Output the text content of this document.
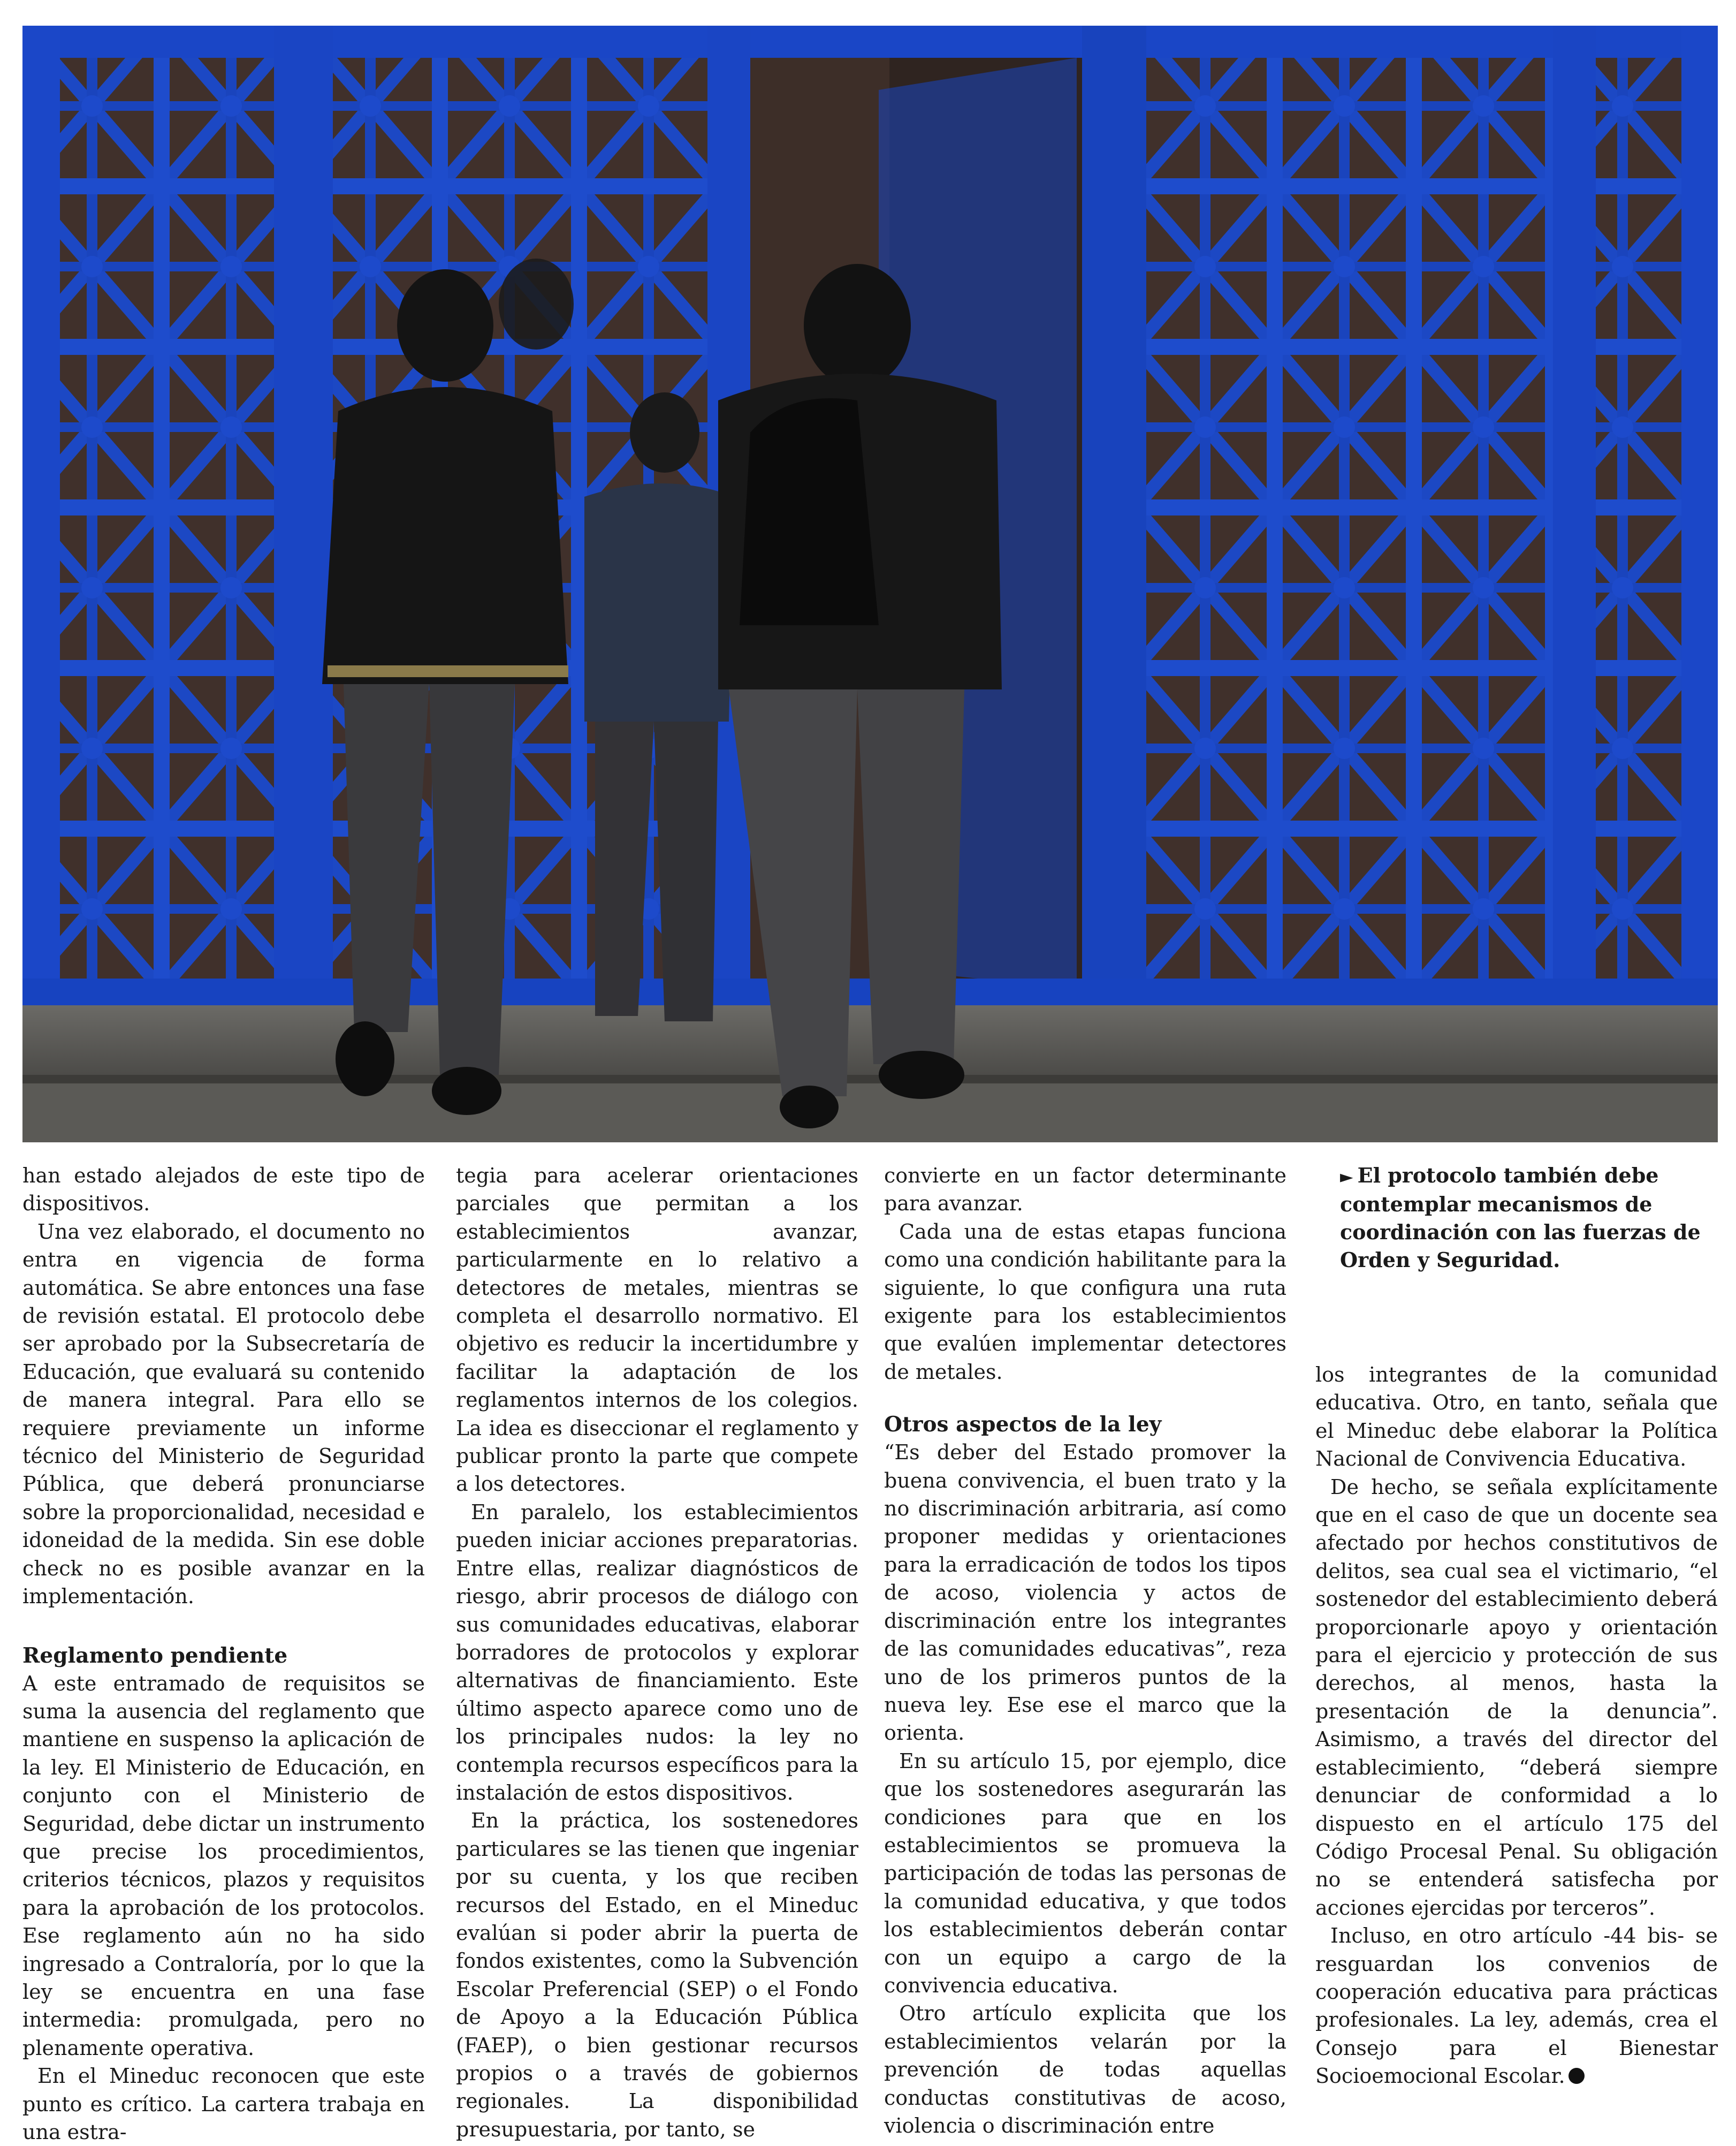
han estado alejados de este tipo de dispositivos.

Una vez elaborado, el documento no entra en vigencia de forma automática. Se abre entonces una fase de revisión estatal. El protocolo debe ser aprobado por la Subsecretaría de Educación, que evaluará su contenido de manera integral. Para ello se requiere previamente un informe técnico del Ministerio de Seguridad Pública, que deberá pronunciarse sobre la proporcionalidad, necesidad e idoneidad de la medida. Sin ese doble check no es posible avanzar en la implementación.

Reglamento pendiente

A este entramado de requisitos se suma la ausencia del reglamento que mantiene en suspenso la aplicación de la ley. El Ministerio de Educación, en conjunto con el Ministerio de Seguridad, debe dictar un instrumento que precise los procedimientos, criterios técnicos, plazos y requisitos para la aprobación de los protocolos. Ese reglamento aún no ha sido ingresado a Contraloría, por lo que la ley se encuentra en una fase intermedia: promulgada, pero no plenamente operativa.

En el Mineduc reconocen que este punto es crítico. La cartera trabaja en una estra-

tegia para acelerar orientaciones parciales que permitan a los establecimientos avanzar, particularmente en lo relativo a detectores de metales, mientras se completa el desarrollo normativo. El objetivo es reducir la incertidumbre y facilitar la adaptación de los reglamentos internos de los colegios. La idea es diseccionar el reglamento y publicar pronto la parte que compete a los detectores.

En paralelo, los establecimientos pueden iniciar acciones preparatorias. Entre ellas, realizar diagnósticos de riesgo, abrir procesos de diálogo con sus comunidades educativas, elaborar borradores de protocolos y explorar alternativas de financiamiento. Este último aspecto aparece como uno de los principales nudos: la ley no contempla recursos específicos para la instalación de estos dispositivos.

En la práctica, los sostenedores particulares se las tienen que ingeniar por su cuenta, y los que reciben recursos del Estado, en el Mineduc evalúan si poder abrir la puerta de fondos existentes, como la Subvención Escolar Preferencial (SEP) o el Fondo de Apoyo a la Educación Pública (FAEP), o bien gestionar recursos propios o a través de gobiernos regionales. La disponibilidad presupuestaria, por tanto, se

convierte en un factor determinante para avanzar.

Cada una de estas etapas funciona como una condición habilitante para la siguiente, lo que configura una ruta exigente para los establecimientos que evalúen implementar detectores de metales.

Otros aspectos de la ley

“Es deber del Estado promover la buena convivencia, el buen trato y la no discriminación arbitraria, así como proponer medidas y orientaciones para la erradicación de todos los tipos de acoso, violencia y actos de discriminación entre los integrantes de las comunidades educativas”, reza uno de los primeros puntos de la nueva ley. Ese ese el marco que la orienta.

En su artículo 15, por ejemplo, dice que los sostenedores asegurarán las condiciones para que en los establecimientos se promueva la participación de todas las personas de la comunidad educativa, y que todos los establecimientos deberán contar con un equipo a cargo de la convivencia educativa.

Otro artículo explicita que los establecimientos velarán por la prevención de todas aquellas conductas constitutivas de acoso, violencia o discriminación entre

► El protocolo también debe contemplar mecanismos de coordinación con las fuerzas de Orden y Seguridad.

los integrantes de la comunidad educativa. Otro, en tanto, señala que el Mineduc debe elaborar la Política Nacional de Convivencia Educativa.

De hecho, se señala explícitamente que en el caso de que un docente sea afectado por hechos constitutivos de delitos, sea cual sea el victimario, “el sostenedor del establecimiento deberá proporcionarle apoyo y orientación para el ejercicio y protección de sus derechos, al menos, hasta la presentación de la denuncia”. Asimismo, a través del director del establecimiento, “deberá siempre denunciar de conformidad a lo dispuesto en el artículo 175 del Código Procesal Penal. Su obligación no se entenderá satisfecha por acciones ejercidas por terceros”.

Incluso, en otro artículo -44 bis- se resguardan los convenios de cooperación educativa para prácticas profesionales. La ley, además, crea el Consejo para el Bienestar Socioemocional Escolar.
